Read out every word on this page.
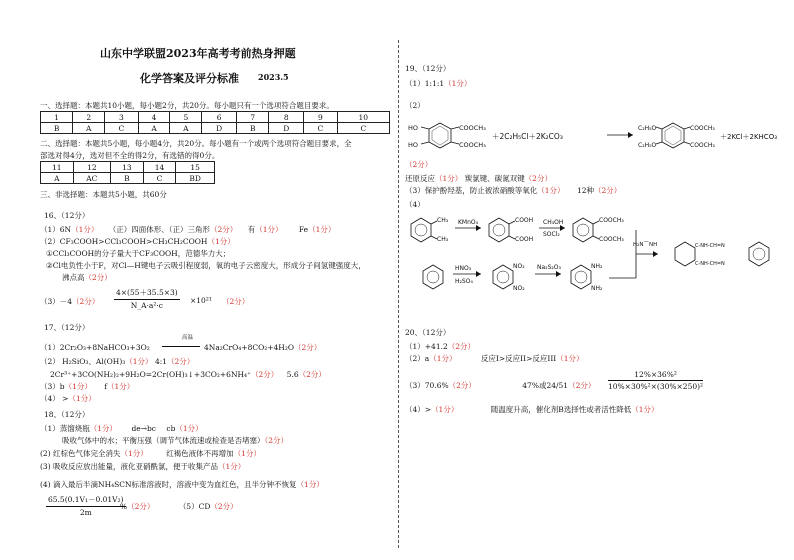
山东中学联盟2023年高考考前热身押题
化学答案及评分标准 2023.5
一、选择题：本题共10小题，每小题2分，共20分。每小题只有一个选项符合题目要求。
1	2	3	4	5	6	7	8	9	10
B	A	C	A	A	D	B	D	C	C
二、选择题：本题共5小题，每小题4分，共20分。每小题有一个或两个选项符合题目要求，全
部选对得4分，选对但不全的得2分，有选错的得0分。
11	12	13	14	15
A	AC	B	C	BD
三、非选择题：本题共5小题，共60分
16、（12分）
（1）6N（1分） （正）四面体形、（正）三角形（2分） 有（1分） Fe（1分）
（2）CF₃COOH>CCl₃COOH>CH₃CH₂COOH（1分）
①CCl₃COOH的分子量大于CF₃COOH，范德华力大；
②Cl电负性小于F，对Cl—H键电子云吸引程度弱，氧的电子云密度大，形成分子间氢键强度大，
沸点高（2分）
（3）－4（2分） $\frac{4\times(55+35.5\times 3)}{\text{N\_A·a²·c}} \times 10^{21}$ （2分）
17、（12分）
高温
（1）2Cr₂O₃+8NaHCO₃+3O₂	4Na₂CrO₄+8CO₂+4H₂O（2分）
（2） H₂SiO₃、Al(OH)₃（1分） 4:1（2分）
2Cr³⁺+3CO(NH₂)₂+9H₂O=2Cr(OH)₃↓+3CO₂+6NH₄⁺（2分） 5.6（2分）
（3）b（1分） f（1分）
（4） >（1分）
18、（12分）
（1）蒸馏烧瓶（1分） de→bc cb（1分）
吸收气体中的水；平衡压强（调节气体流速或检查是否堵塞）（2分）
(2) 红棕色气体完全消失（1分） 红褐色液体不再增加（1分）
(3) 吸收反应放出能量，液化亚硝酰氯，便于收集产品（1分）
(4) 滴入最后半滴NH₄SCN标准溶液时，溶液中变为血红色，且半分钟不恢复（1分）
$\frac{\text{65.5(0.1V₁－0.01V₂)}}{2m}$
%（2分）	（5）CD（2分）
19、（12分）
（1）1:1:1（1分）
（2）
HO
HO
COOCH₃
COOCH₃
＋2C₂H₅Cl＋2K₂CO₃
C₂H₅O
C₂H₅O
COOCH₃
COOCH₃
＋2KCl＋2KHCO₃
（2分）
还原反应（1分） 羰氯键、碳氮双键（2分）
（3）保护酚羟基，防止被浓硝酸等氧化（1分） 12种（2分）
（4）
CH₃
CH₃
KMnO₄	COOH
COOH
CH₃OH
SOCl₂
COOCH₃
COOCH₃
HNO₃
H₂SO₄
NO₂
NO₂
Na₂S₂O₃	NH₂
NH₂
H₂N⌒NH	C-NH-CH=N
C-NH-CH=N
20、（12分）
（1）+41.2（2分）
（2）a（1分）	反应I>反应II>反应III（1分）
（3）70.6%（2分）	47%或24/51（2分） $\frac{\text{12\%×36\%²}}{\text{10\%×30\%²×(30\%×250)²}}$
（4）>（1分）	随温度升高，催化剂B选择性或者活性降低（1分）
